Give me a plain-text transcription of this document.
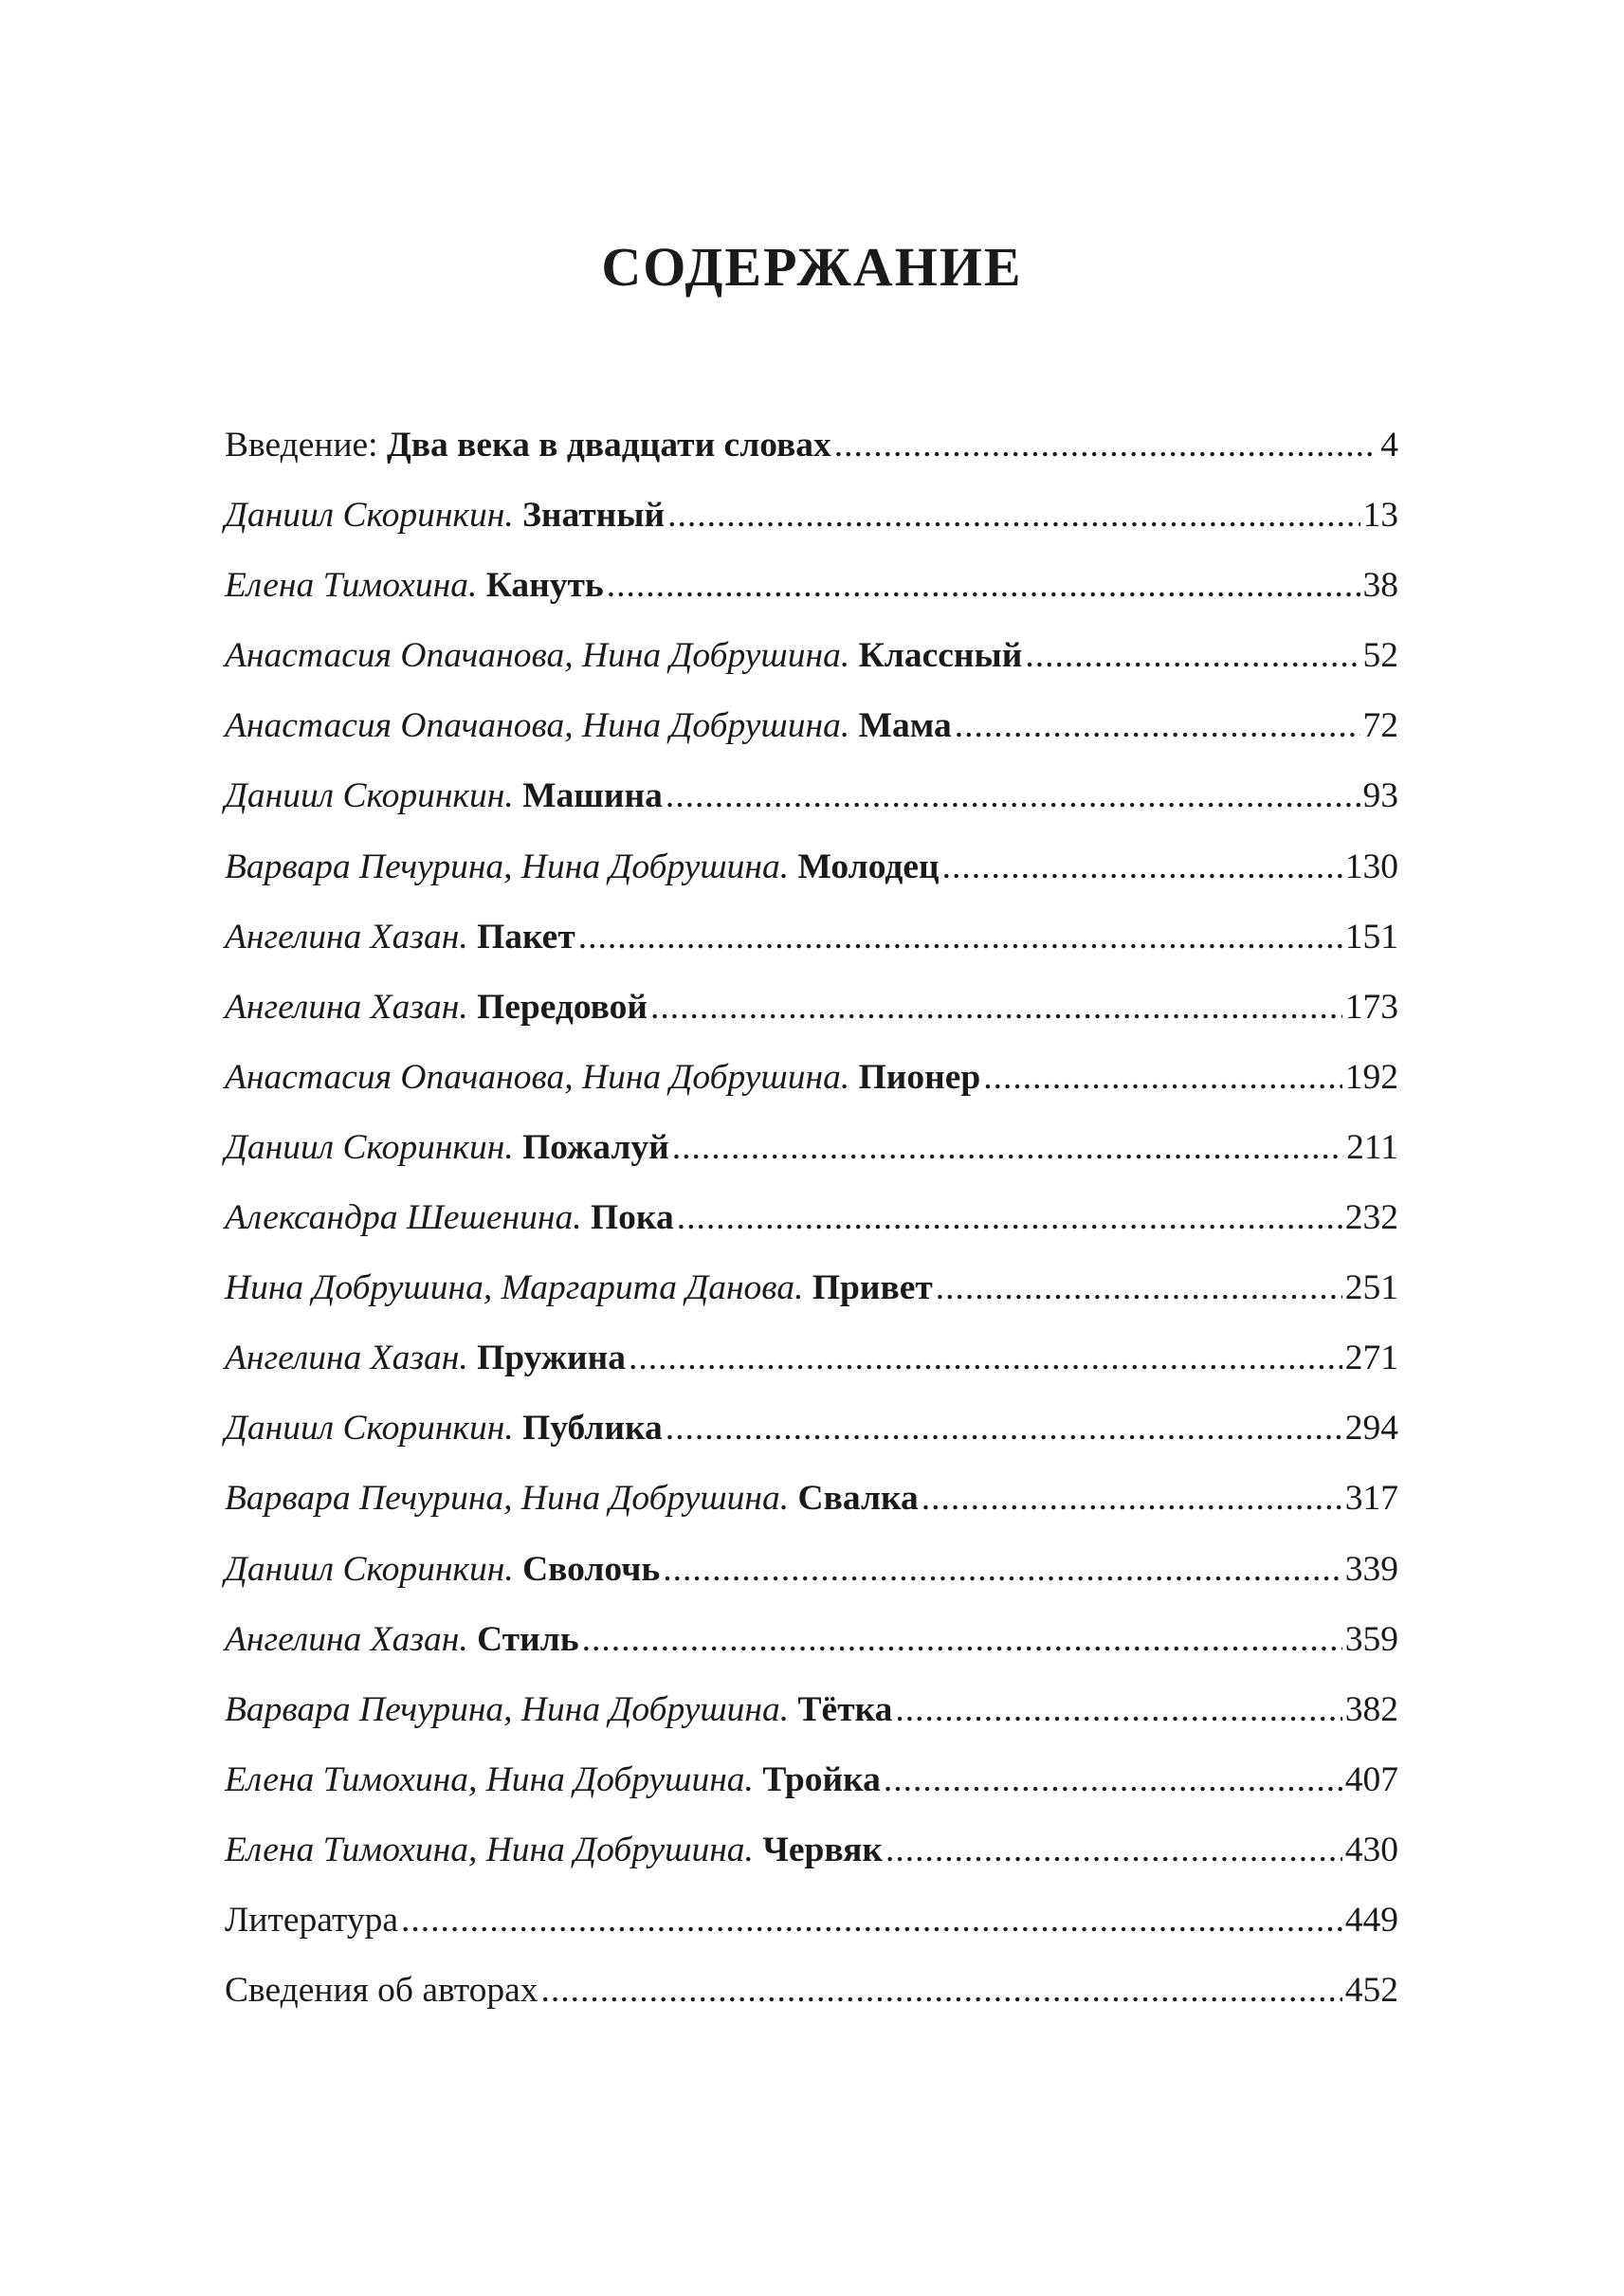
СОДЕРЖАНИЕ
Введение: Два века в двадцати словах .....	4
Даниил Скоринкин. Знатный .....	13
Елена Тимохина. Кануть .....	38
Анастасия Опачанова, Нина Добрушина. Классный .....	52
Анастасия Опачанова, Нина Добрушина. Мама .....	72
Даниил Скоринкин. Машина .....	93
Варвара Печурина, Нина Добрушина. Молодец .....	130
Ангелина Хазан. Пакет .....	151
Ангелина Хазан. Передовой .....	173
Анастасия Опачанова, Нина Добрушина. Пионер .....	192
Даниил Скоринкин. Пожалуй .....	211
Александра Шешенина. Пока .....	232
Нина Добрушина, Маргарита Данова. Привет .....	251
Ангелина Хазан. Пружина .....	271
Даниил Скоринкин. Публика .....	294
Варвара Печурина, Нина Добрушина. Свалка .....	317
Даниил Скоринкин. Сволочь .....	339
Ангелина Хазан. Стиль .....	359
Варвара Печурина, Нина Добрушина. Тётка .....	382
Елена Тимохина, Нина Добрушина. Тройка .....	407
Елена Тимохина, Нина Добрушина. Червяк .....	430
Литература .....	449
Сведения об авторах .....	452
